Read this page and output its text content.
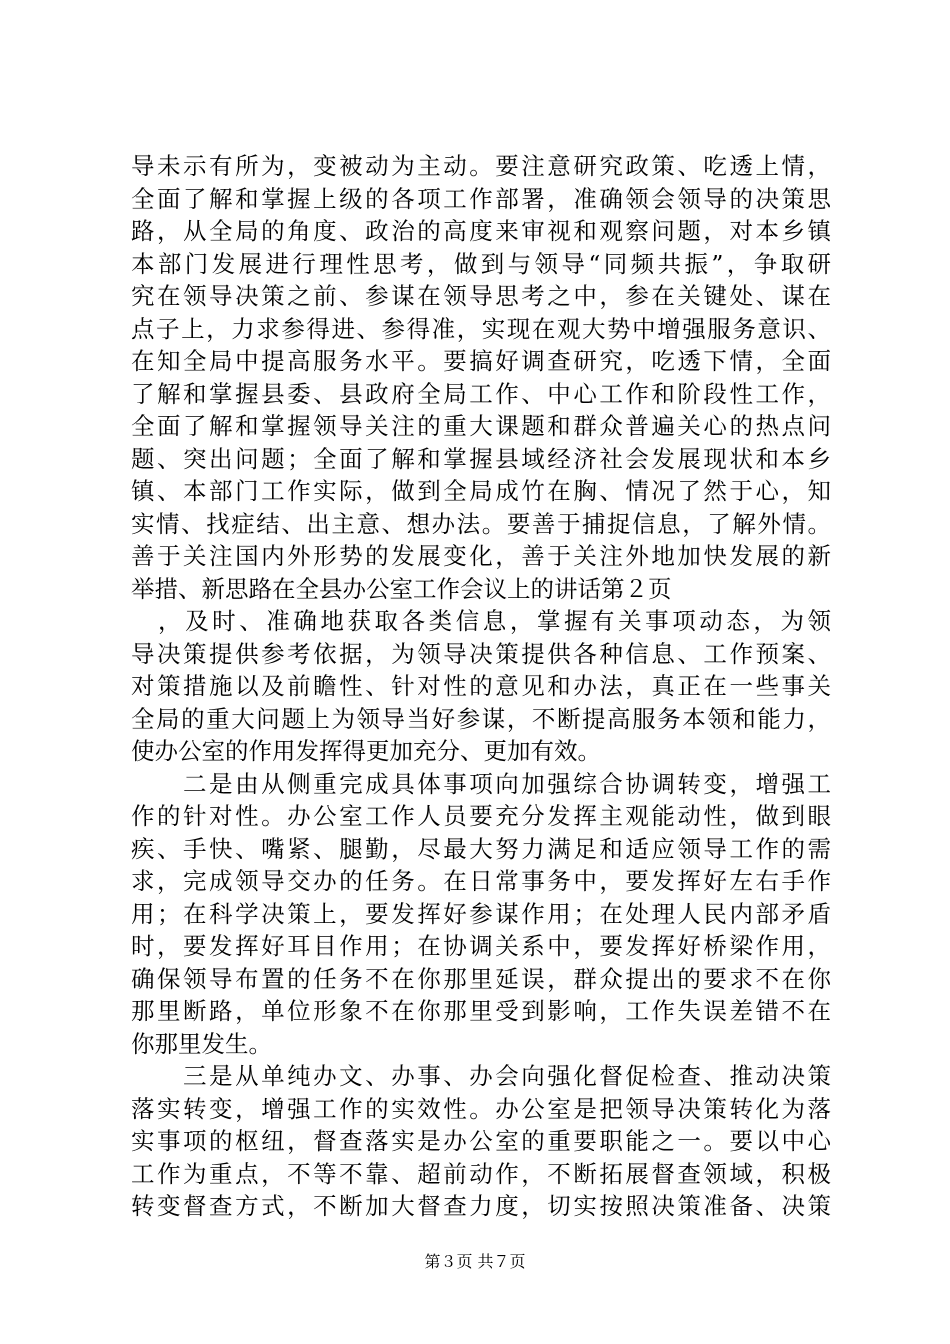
导未示有所为，变被动为主动。要注意研究政策、吃透上情，
全面了解和掌握上级的各项工作部署，准确领会领导的决策思
路，从全局的角度、政治的高度来审视和观察问题，对本乡镇
本部门发展进行理性思考，做到与领导“同频共振”，争取研
究在领导决策之前、参谋在领导思考之中，参在关键处、谋在
点子上，力求参得进、参得准，实现在观大势中增强服务意识、
在知全局中提高服务水平。要搞好调查研究，吃透下情，全面
了解和掌握县委、县政府全局工作、中心工作和阶段性工作，
全面了解和掌握领导关注的重大课题和群众普遍关心的热点问
题、突出问题；全面了解和掌握县域经济社会发展现状和本乡
镇、本部门工作实际，做到全局成竹在胸、情况了然于心，知
实情、找症结、出主意、想办法。要善于捕捉信息，了解外情。
善于关注国内外形势的发展变化，善于关注外地加快发展的新
举措、新思路在全县办公室工作会议上的讲话第２页
　，及时、准确地获取各类信息，掌握有关事项动态，为领
导决策提供参考依据，为领导决策提供各种信息、工作预案、
对策措施以及前瞻性、针对性的意见和办法，真正在一些事关
全局的重大问题上为领导当好参谋，不断提高服务本领和能力，
使办公室的作用发挥得更加充分、更加有效。
　　二是由从侧重完成具体事项向加强综合协调转变，增强工
作的针对性。办公室工作人员要充分发挥主观能动性，做到眼
疾、手快、嘴紧、腿勤，尽最大努力满足和适应领导工作的需
求，完成领导交办的任务。在日常事务中，要发挥好左右手作
用；在科学决策上，要发挥好参谋作用；在处理人民内部矛盾
时，要发挥好耳目作用；在协调关系中，要发挥好桥梁作用，
确保领导布置的任务不在你那里延误，群众提出的要求不在你
那里断路，单位形象不在你那里受到影响，工作失误差错不在
你那里发生。
　　三是从单纯办文、办事、办会向强化督促检查、推动决策
落实转变，增强工作的实效性。办公室是把领导决策转化为落
实事项的枢纽，督查落实是办公室的重要职能之一。要以中心
工作为重点，不等不靠、超前动作，不断拓展督查领域，积极
转变督查方式，不断加大督查力度，切实按照决策准备、决策
第３页 共７页
